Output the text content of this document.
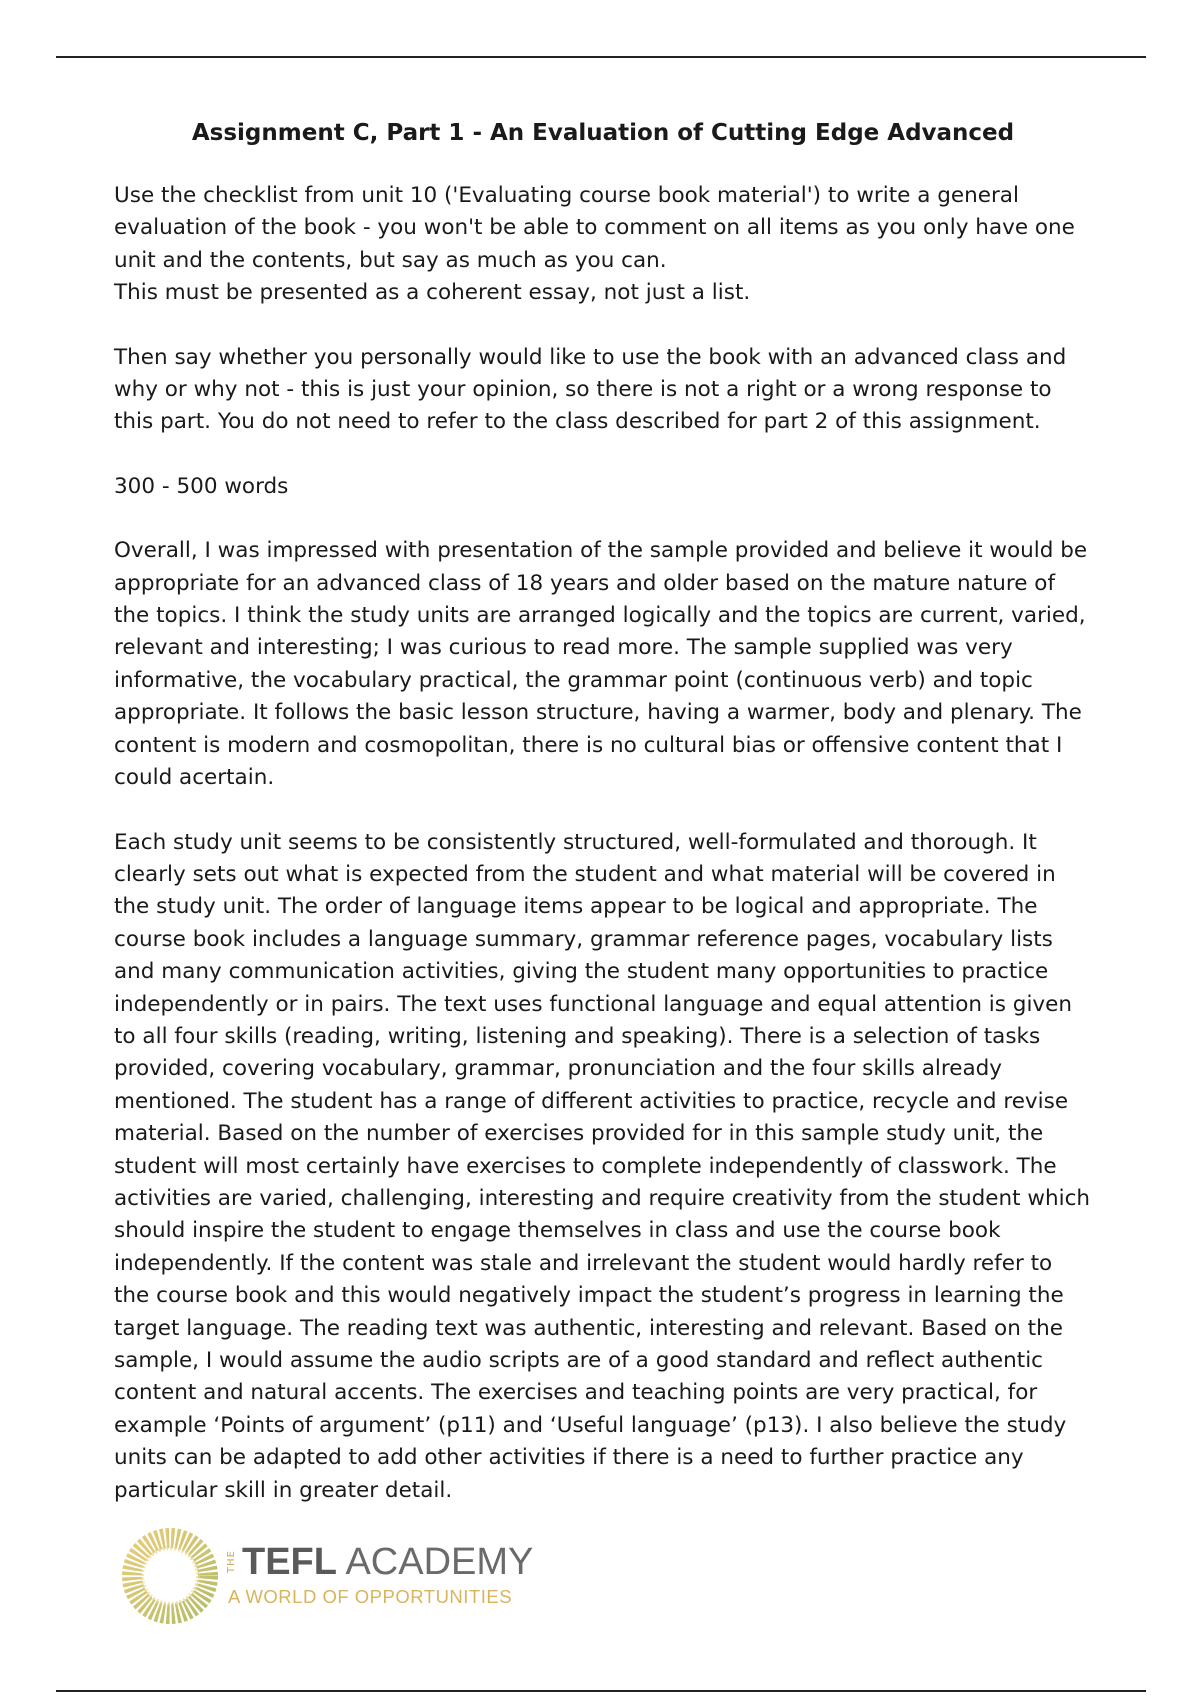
Assignment C, Part 1 - An Evaluation of Cutting Edge Advanced

Use the checklist from unit 10 ('Evaluating course book material') to write a general evaluation of the book - you won't be able to comment on all items as you only have one unit and the contents, but say as much as you can.
This must be presented as a coherent essay, not just a list.

Then say whether you personally would like to use the book with an advanced class and why or why not - this is just your opinion, so there is not a right or a wrong response to this part. You do not need to refer to the class described for part 2 of this assignment.

300 - 500 words

Overall, I was impressed with presentation of the sample provided and believe it would be appropriate for an advanced class of 18 years and older based on the mature nature of the topics. I think the study units are arranged logically and the topics are current, varied, relevant and interesting; I was curious to read more. The sample supplied was very informative, the vocabulary practical, the grammar point (continuous verb) and topic appropriate. It follows the basic lesson structure, having a warmer, body and plenary. The content is modern and cosmopolitan, there is no cultural bias or offensive content that I could acertain.

Each study unit seems to be consistently structured, well-formulated and thorough. It clearly sets out what is expected from the student and what material will be covered in the study unit. The order of language items appear to be logical and appropriate. The course book includes a language summary, grammar reference pages, vocabulary lists and many communication activities, giving the student many opportunities to practice independently or in pairs. The text uses functional language and equal attention is given to all four skills (reading, writing, listening and speaking). There is a selection of tasks provided, covering vocabulary, grammar, pronunciation and the four skills already mentioned. The student has a range of different activities to practice, recycle and revise material. Based on the number of exercises provided for in this sample study unit, the student will most certainly have exercises to complete independently of classwork. The activities are varied, challenging, interesting and require creativity from the student which should inspire the student to engage themselves in class and use the course book independently. If the content was stale and irrelevant the student would hardly refer to the course book and this would negatively impact the student’s progress in learning the target language. The reading text was authentic, interesting and relevant. Based on the sample, I would assume the audio scripts are of a good standard and reflect authentic content and natural accents. The exercises and teaching points are very practical, for example ‘Points of argument’ (p11) and ‘Useful language’ (p13). I also believe the study units can be adapted to add other activities if there is a need to further practice any particular skill in greater detail.

THE TEFL ACADEMY
A WORLD OF OPPORTUNITIES
